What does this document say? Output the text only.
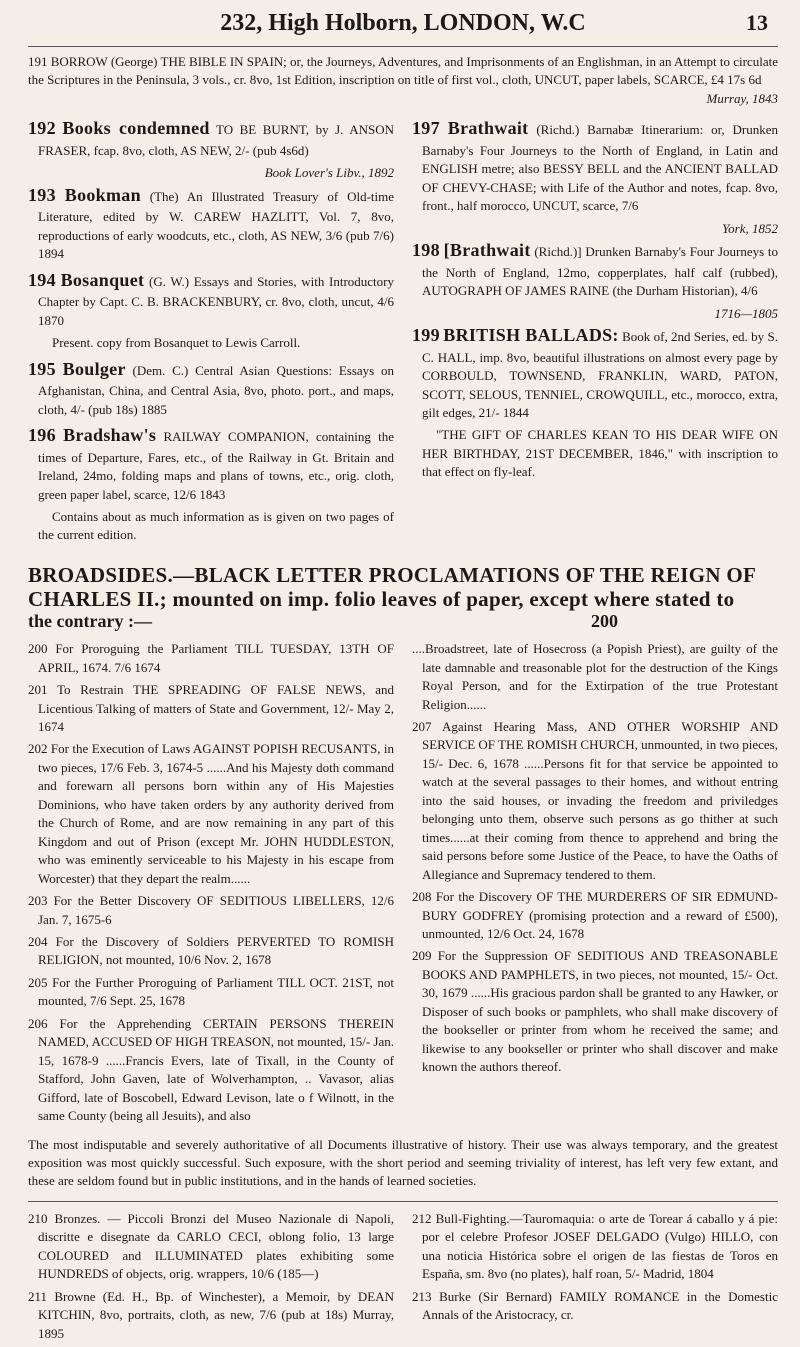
232, High Holborn, LONDON, W.C	13

191 BORROW (George) THE BIBLE IN SPAIN; or, the Journeys, Adventures, and Imprisonments of an Englishman, in an Attempt to circulate the Scriptures in the Peninsula, 3 vols., cr. 8vo, 1st Edition, inscription on title of first vol., cloth, UNCUT, paper labels, SCARCE, £4 17s 6d

Murray, 1843

192 Books condemned TO BE BURNT, by J. ANSON FRASER, fcap. 8vo, cloth, AS NEW, 2/- (pub 4s6d)

Book Lover's Libv., 1892

193 Bookman (The) An Illustrated Treasury of Old-time Literature, edited by W. CAREW HAZLITT, Vol. 7, 8vo, reproductions of early woodcuts, etc., cloth, AS NEW, 3/6 (pub 7/6) 1894

194 Bosanquet (G. W.) Essays and Stories, with Introductory Chapter by Capt. C. B. BRACKENBURY, cr. 8vo, cloth, uncut, 4/6 1870

Present. copy from Bosanquet to Lewis Carroll.

195 Boulger (Dem. C.) Central Asian Questions: Essays on Afghanistan, China, and Central Asia, 8vo, photo. port., and maps, cloth, 4/- (pub 18s) 1885

196 Bradshaw's RAILWAY COMPANION, containing the times of Departure, Fares, etc., of the Railway in Gt. Britain and Ireland, 24mo, folding maps and plans of towns, etc., orig. cloth, green paper label, scarce, 12/6 1843

Contains about as much information as is given on two pages of the current edition.

197 Brathwait (Richd.) Barnabæ Itinerarium: or, Drunken Barnaby's Four Journeys to the North of England, in Latin and ENGLISH metre; also BESSY BELL and the ANCIENT BALLAD OF CHEVY-CHASE; with Life of the Author and notes, fcap. 8vo, front., half morocco, UNCUT, scarce, 7/6

York, 1852

198 [Brathwait (Richd.)] Drunken Barnaby's Four Journeys to the North of England, 12mo, copperplates, half calf (rubbed), AUTOGRAPH OF JAMES RAINE (the Durham Historian), 4/6

1716—1805

199 BRITISH BALLADS: Book of, 2nd Series, ed. by S. C. HALL, imp. 8vo, beautiful illustrations on almost every page by CORBOULD, TOWNSEND, FRANKLIN, WARD, PATON, SCOTT, SELOUS, TENNIEL, CROWQUILL, etc., morocco, extra, gilt edges, 21/- 1844

"THE GIFT OF CHARLES KEAN TO HIS DEAR WIFE ON HER BIRTHDAY, 21ST DECEMBER, 1846," with inscription to that effect on fly-leaf.

BROADSIDES.—BLACK LETTER PROCLAMATIONS OF THE REIGN OF CHARLES II.; mounted on imp. folio leaves of paper, except where stated to
the contrary :—	200

200 For Proroguing the Parliament TILL TUESDAY, 13TH OF APRIL, 1674. 7/6 1674

201 To Restrain THE SPREADING OF FALSE NEWS, and Licentious Talking of matters of State and Government, 12/- May 2, 1674

202 For the Execution of Laws AGAINST POPISH RECUSANTS, in two pieces, 17/6 Feb. 3, 1674-5 ......And his Majesty doth command and forewarn all persons born within any of His Majesties Dominions, who have taken orders by any authority derived from the Church of Rome, and are now remaining in any part of this Kingdom and out of Prison (except Mr. JOHN HUDDLESTON, who was eminently serviceable to his Majesty in his escape from Worcester) that they depart the realm......

203 For the Better Discovery OF SEDITIOUS LIBELLERS, 12/6 Jan. 7, 1675-6

204 For the Discovery of Soldiers PERVERTED TO ROMISH RELIGION, not mounted, 10/6 Nov. 2, 1678

205 For the Further Proroguing of Parliament TILL OCT. 21ST, not mounted, 7/6 Sept. 25, 1678

206 For the Apprehending CERTAIN PERSONS THEREIN NAMED, ACCUSED OF HIGH TREASON, not mounted, 15/- Jan. 15, 1678-9 ......Francis Evers, late of Tixall, in the County of Stafford, John Gaven, late of Wolverhampton, .. Vavasor, alias Gifford, late of Boscobell, Edward Levison, late o f Wilnott, in the same County (being all Jesuits), and also

....Broadstreet, late of Hosecross (a Popish Priest), are guilty of the late damnable and treasonable plot for the destruction of the Kings Royal Person, and for the Extirpation of the true Protestant Religion......

207 Against Hearing Mass, AND OTHER WORSHIP AND SERVICE OF THE ROMISH CHURCH, unmounted, in two pieces, 15/- Dec. 6, 1678 ......Persons fit for that service be appointed to watch at the several passages to their homes, and without entring into the said houses, or invading the freedom and priviledges belonging unto them, observe such persons as go thither at such times......at their coming from thence to apprehend and bring the said persons before some Justice of the Peace, to have the Oaths of Allegiance and Supremacy tendered to them.

208 For the Discovery OF THE MURDERERS OF SIR EDMUND-BURY GODFREY (promising protection and a reward of £500), unmounted, 12/6 Oct. 24, 1678

209 For the Suppression OF SEDITIOUS AND TREASONABLE BOOKS AND PAMPHLETS, in two pieces, not mounted, 15/- Oct. 30, 1679 ......His gracious pardon shall be granted to any Hawker, or Disposer of such books or pamphlets, who shall make discovery of the bookseller or printer from whom he received the same; and likewise to any bookseller or printer who shall discover and make known the authors thereof.

The most indisputable and severely authoritative of all Documents illustrative of history. Their use was always temporary, and the greatest exposition was most quickly successful. Such exposure, with the short period and seeming triviality of interest, has left very few extant, and these are seldom found but in public institutions, and in the hands of learned societies.

210 Bronzes. — Piccoli Bronzi del Museo Nazionale di Napoli, discritte e disegnate da CARLO CECI, oblong folio, 13 large COLOURED and ILLUMINATED plates exhibiting some HUNDREDS of objects, orig. wrappers, 10/6 (185—)

211 Browne (Ed. H., Bp. of Winchester), a Memoir, by DEAN KITCHIN, 8vo, portraits, cloth, as new, 7/6 (pub at 18s) Murray, 1895

212 Bull-Fighting.—Tauromaquia: o arte de Torear á caballo y á pie: por el celebre Profesor JOSEF DELGADO (Vulgo) HILLO, con una noticia Histórica sobre el origen de las fiestas de Toros en España, sm. 8vo (no plates), half roan, 5/- Madrid, 1804

213 Burke (Sir Bernard) FAMILY ROMANCE in the Domestic Annals of the Aristocracy, cr.
